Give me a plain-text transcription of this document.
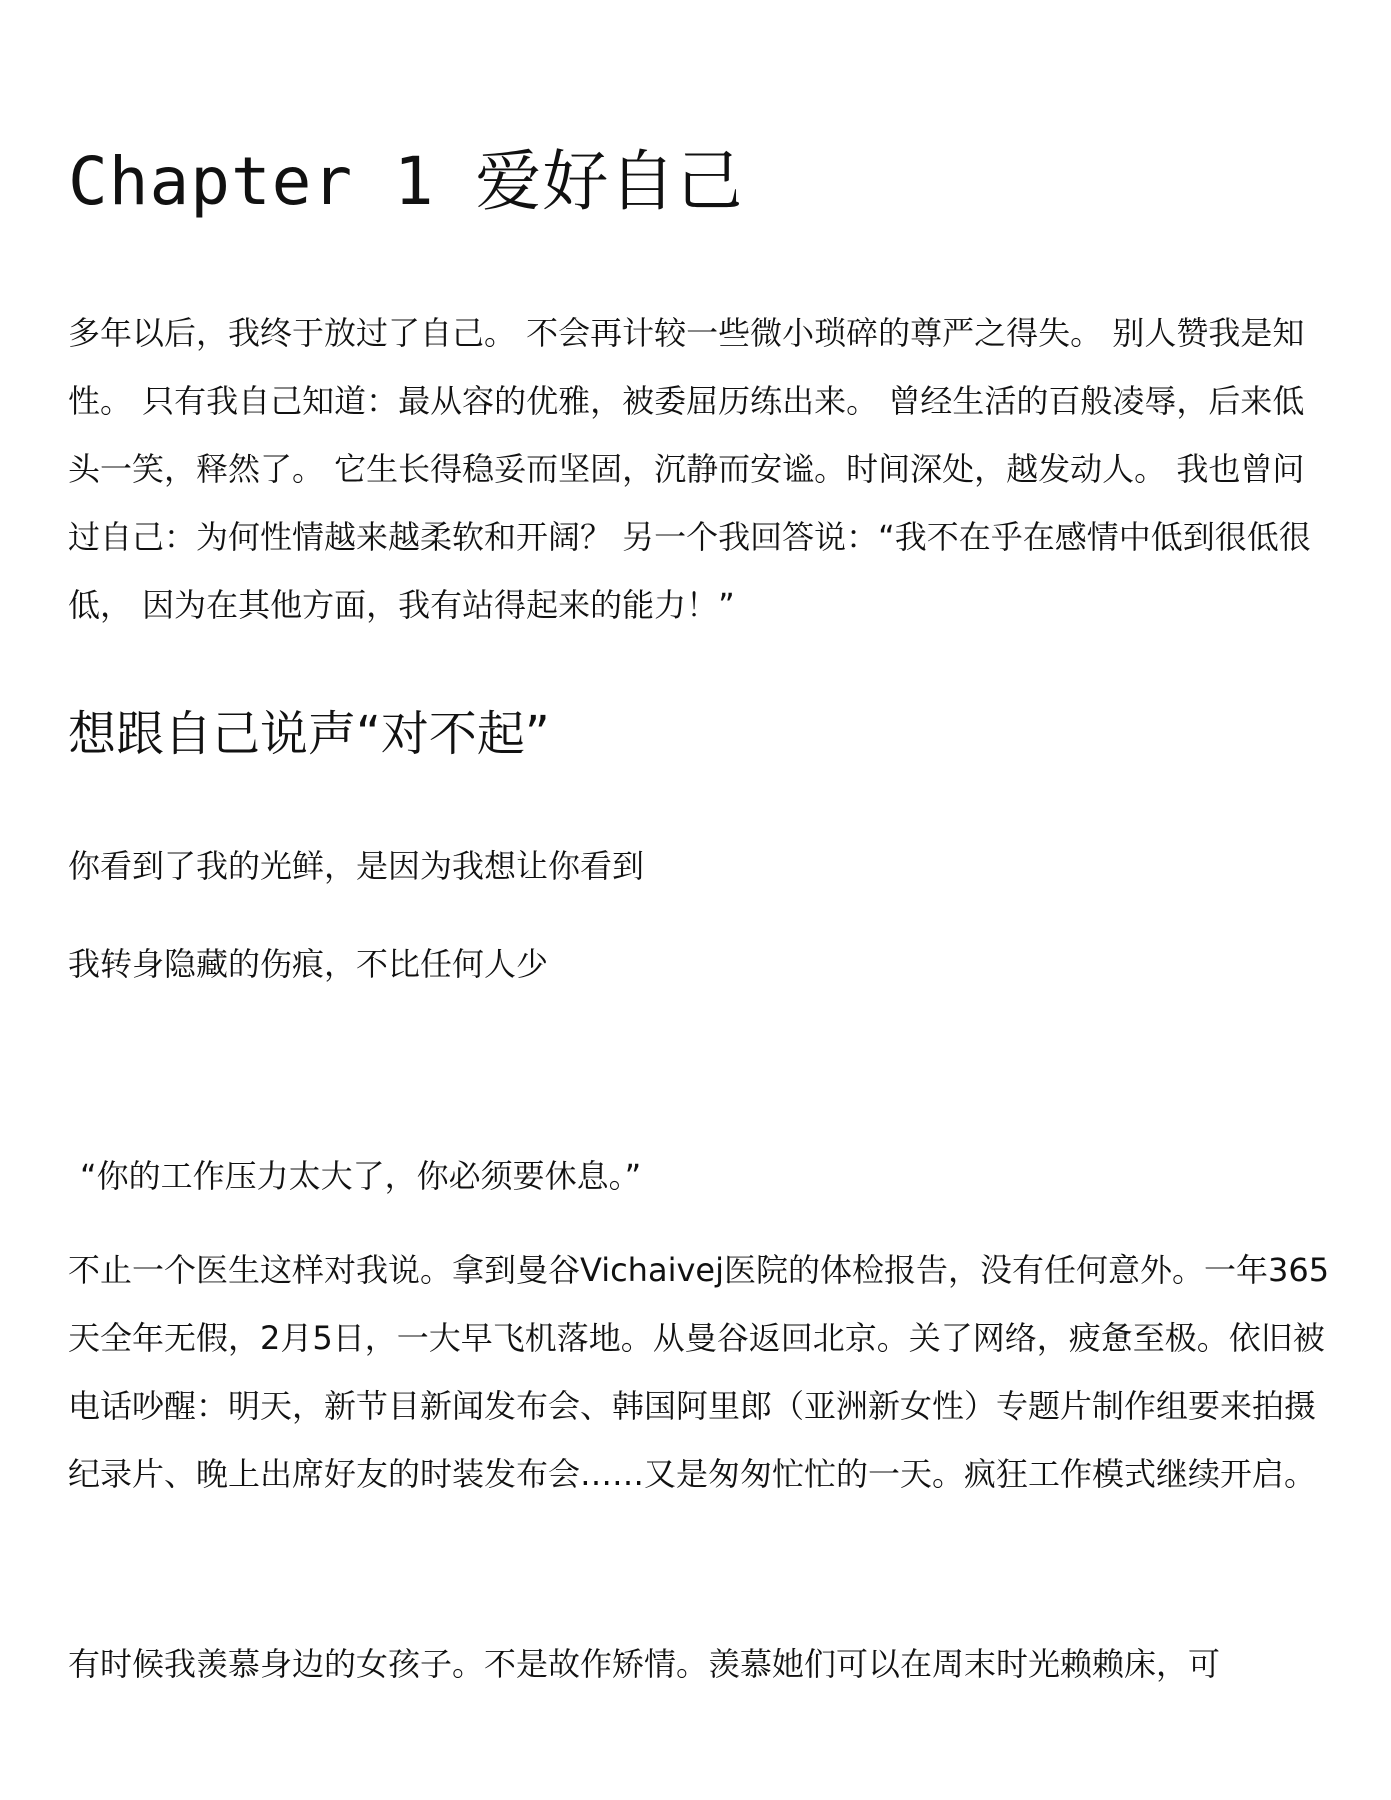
Chapter 1 爱好自己

多年以后，我终于放过了自己。 不会再计较一些微小琐碎的尊严之得失。 别人赞我是知性。 只有我自己知道：最从容的优雅，被委屈历练出来。 曾经生活的百般凌辱，后来低头一笑，释然了。 它生长得稳妥而坚固，沉静而安谧。时间深处，越发动人。 我也曾问过自己：为何性情越来越柔软和开阔？ 另一个我回答说：“我不在乎在感情中低到很低很低， 因为在其他方面，我有站得起来的能力！”

想跟自己说声“对不起”

你看到了我的光鲜，是因为我想让你看到

我转身隐藏的伤痕，不比任何人少

“你的工作压力太大了，你必须要休息。”

不止一个医生这样对我说。拿到曼谷Vichaivej医院的体检报告，没有任何意外。一年365天全年无假，2月5日，一大早飞机落地。从曼谷返回北京。关了网络，疲惫至极。依旧被电话吵醒：明天，新节目新闻发布会、韩国阿里郎（亚洲新女性）专题片制作组要来拍摄纪录片、晚上出席好友的时装发布会……又是匆匆忙忙的一天。疯狂工作模式继续开启。

有时候我羡慕身边的女孩子。不是故作矫情。羡慕她们可以在周末时光赖赖床，可
